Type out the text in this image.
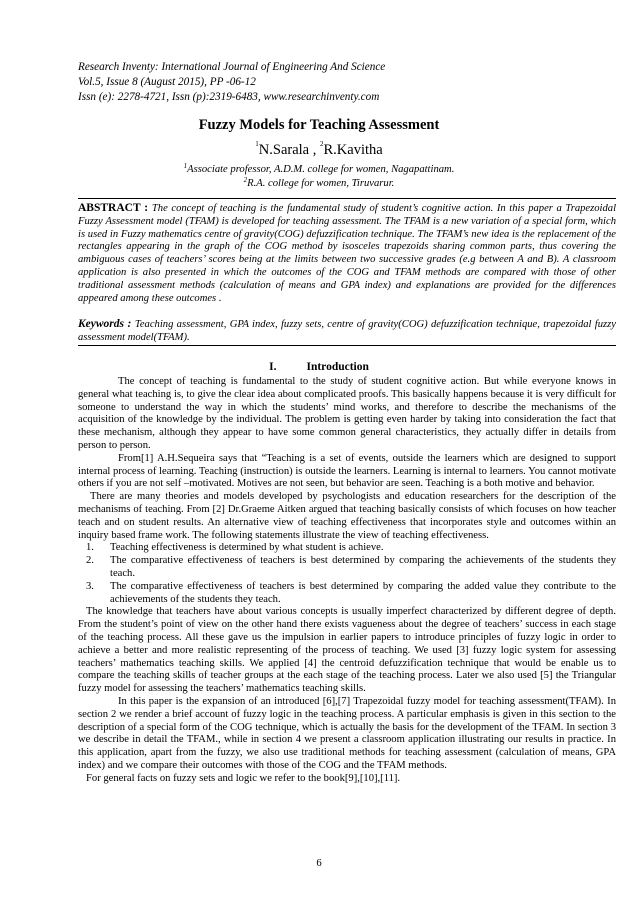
Research Inventy: International Journal of Engineering And Science
Vol.5, Issue 8 (August 2015), PP -06-12
Issn (e): 2278-4721, Issn (p):2319-6483, www.researchinventy.com
Fuzzy Models for Teaching Assessment
$^1$N.Sarala , $^2$R.Kavitha
$^1$Associate professor, A.D.M. college for women, Nagapattinam.
$^2$R.A. college for women, Tiruvarur.
ABSTRACT : The concept of teaching is the fundamental study of student’s cognitive action. In this paper a Trapezoidal Fuzzy Assessment model (TFAM) is developed for teaching assessment. The TFAM is a new variation of a special form, which is used in Fuzzy mathematics centre of gravity(COG) defuzzification technique. The TFAM’s new idea is the replacement of the rectangles appearing in the graph of the COG method by isosceles trapezoids sharing common parts, thus covering the ambiguous cases of teachers’ scores being at the limits between two successive grades (e.g between A and B). A classroom application is also presented in which the outcomes of the COG and TFAM methods are compared with those of other traditional assessment methods (calculation of means and GPA index) and explanations are provided for the differences appeared among these outcomes .
Keywords : Teaching assessment, GPA index, fuzzy sets, centre of gravity(COG) defuzzification technique, trapezoidal fuzzy assessment model(TFAM).
I.	Introduction

The concept of teaching is fundamental to the study of student cognitive action. But while everyone knows in general what teaching is, to give the clear idea about complicated proofs. This basically happens because it is very difficult for someone to understand the way in which the students’ mind works, and therefore to describe the mechanisms of the acquisition of the knowledge by the individual. The problem is getting even harder by taking into consideration the fact that these mechanism, although they appear to have some common general characteristics, they actually differ in details from person to person.

From[1] A.H.Sequeira says that “Teaching is a set of events, outside the learners which are designed to support internal process of learning. Teaching (instruction) is outside the learners. Learning is internal to learners. You cannot motivate others if you are not self –motivated. Motives are not seen, but behavior are seen. Teaching is a both motive and behavior.

There are many theories and models developed by psychologists and education researchers for the description of the mechanisms of teaching. From [2] Dr.Graeme Aitken argued that teaching basically consists of which focuses on how teacher teach and on student results. An alternative view of teaching effectiveness that incorporates style and outcomes within an inquiry based frame work. The following statements illustrate the view of teaching effectiveness.

1. Teaching effectiveness is determined by what student is achieve.
2. The comparative effectiveness of teachers is best determined by comparing the achievements of the students they teach.
3. The comparative effectiveness of teachers is best determined by comparing the added value they contribute to the achievements of the students they teach.

The knowledge that teachers have about various concepts is usually imperfect characterized by different degree of depth. From the student’s point of view on the other hand there exists vagueness about the degree of teachers’ success in each stage of the teaching process. All these gave us the impulsion in earlier papers to introduce principles of fuzzy logic in order to achieve a better and more realistic representing of the process of teaching. We used [3] fuzzy logic system for assessing teachers’ mathematics teaching skills. We applied [4] the centroid defuzzification technique that would be enable us to compare the teaching skills of teacher groups at the each stage of the teaching process. Later we also used [5] the Triangular fuzzy model for assessing the teachers’ mathematics teaching skills.

In this paper is the expansion of an introduced [6],[7] Trapezoidal fuzzy model for teaching assessment(TFAM). In section 2 we render a brief account of fuzzy logic in the teaching process. A particular emphasis is given in this section to the description of a special form of the COG technique, which is actually the basis for the development of the TFAM. In section 3 we describe in detail the TFAM., while in section 4 we present a classroom application illustrating our results in practice. In this application, apart from the fuzzy, we also use traditional methods for teaching assessment (calculation of means, GPA index) and we compare their outcomes with those of the COG and the TFAM methods.

For general facts on fuzzy sets and logic we refer to the book[9],[10],[11].

6
